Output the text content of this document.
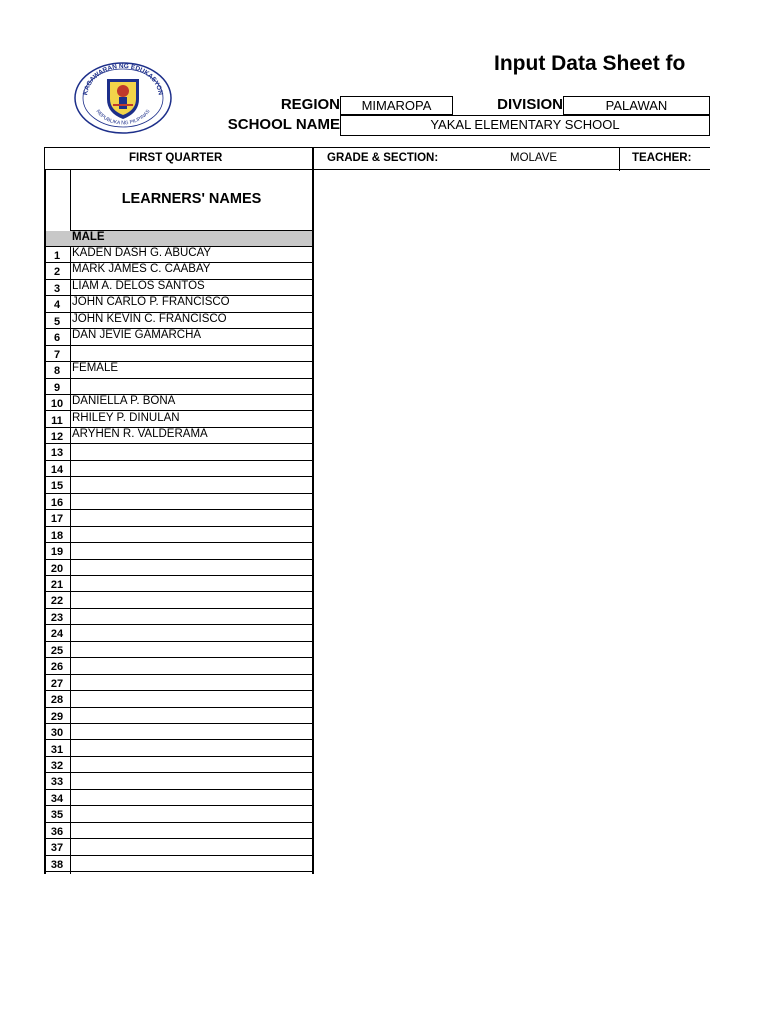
KAGAWARAN NG EDUKASYON
REPUBLIKA NG PILIPINAS
Input Data Sheet fo
REGION	MIMAROPA	DIVISION	PALAWAN
SCHOOL NAME	YAKAL ELEMENTARY SCHOOL
FIRST QUARTER	GRADE & SECTION:	MOLAVE	TEACHER:
LEARNERS' NAMES
MALE
1	KADEN DASH G. ABUCAY
2	MARK JAMES C. CAABAY
3	LIAM A. DELOS SANTOS
4	JOHN CARLO P. FRANCISCO
5	JOHN KEVIN C. FRANCISCO
6	DAN JEVIE GAMARCHA
7
8	FEMALE
9
10 DANIELLA P. BONA
11 RHILEY P. DINULAN
12 ARYHEN R. VALDERAMA
13
14
15
16
17
18
19
20
21
22
23
24
25
26
27
28
29
30
31
32
33
34
35
36
37
38
